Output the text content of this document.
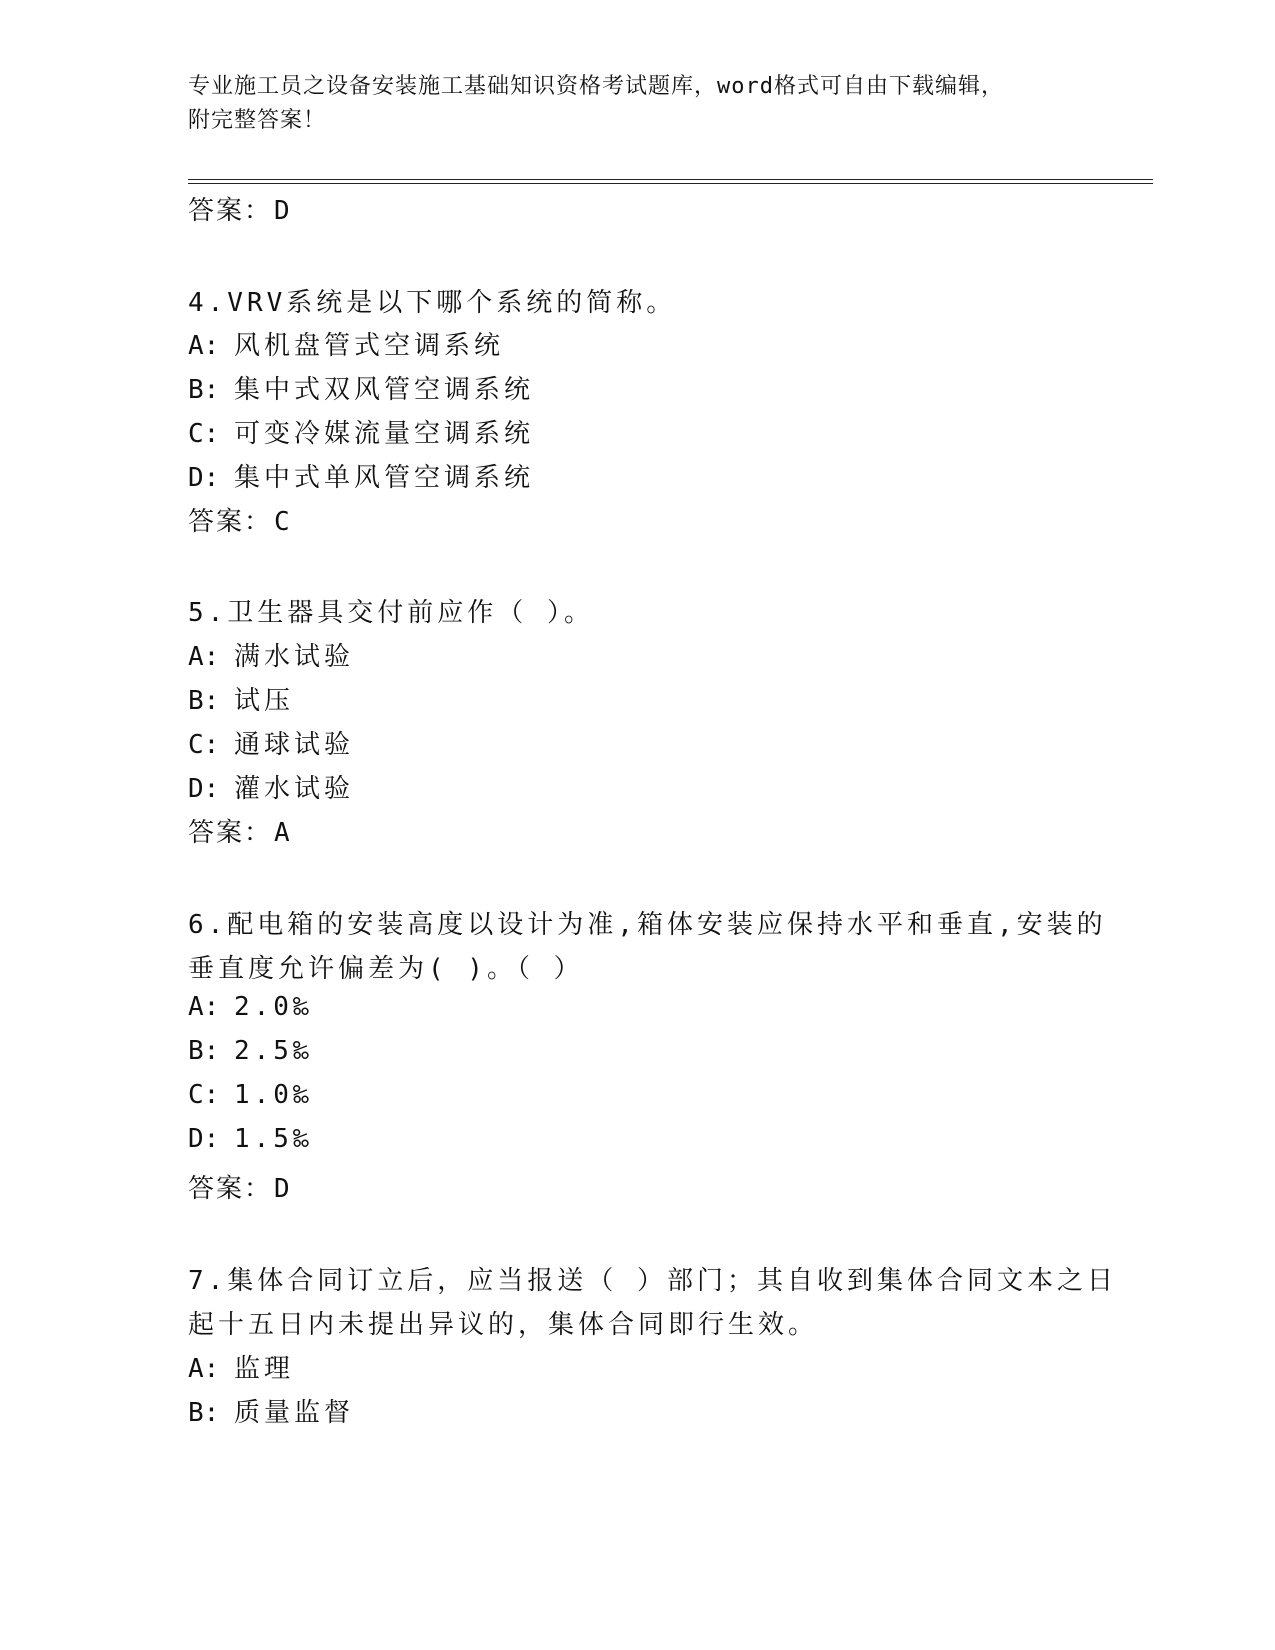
专业施工员之设备安装施工基础知识资格考试题库，word格式可自由下载编辑，
附完整答案！
答案：D
4.VRV系统是以下哪个系统的简称。
A: 风机盘管式空调系统
B: 集中式双风管空调系统
C: 可变冷媒流量空调系统
D: 集中式单风管空调系统
答案：C
5.卫生器具交付前应作（ ）。
A: 满水试验
B: 试压
C: 通球试验
D: 灌水试验
答案：A
6.配电箱的安装高度以设计为准,箱体安装应保持水平和垂直,安装的
垂直度允许偏差为( )。（ ）
A: 2.0‰
B: 2.5‰
C: 1.0‰
D: 1.5‰
答案：D
7.集体合同订立后，应当报送（ ）部门；其自收到集体合同文本之日
起十五日内未提出异议的，集体合同即行生效。
A: 监理
B: 质量监督
